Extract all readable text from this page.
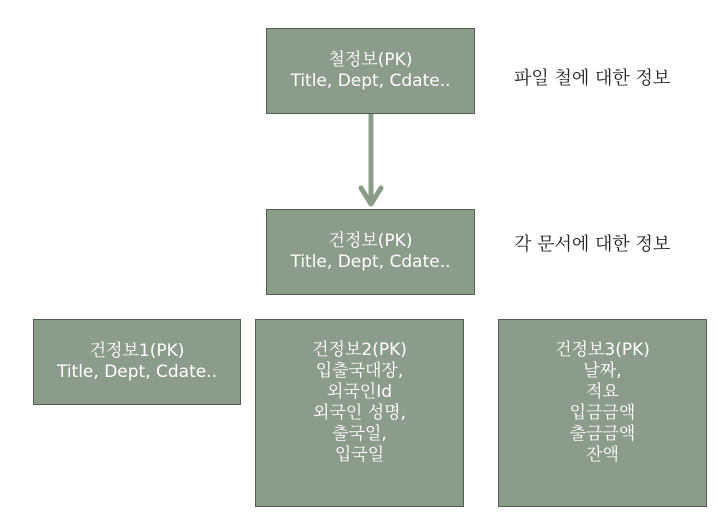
철정보(PK)
Title, Dept, Cdate..	파일 철에 대한 정보
건정보(PK)
Title, Dept, Cdate..
각 문서에 대한 정보
건정보1(PK)
Title, Dept, Cdate..
건정보2(PK)
입출국대장,
외국인Id
외국인 성명,
출국일,
입국일
건정보3(PK)
날짜,
적요
입금금액
출금금액
잔액
